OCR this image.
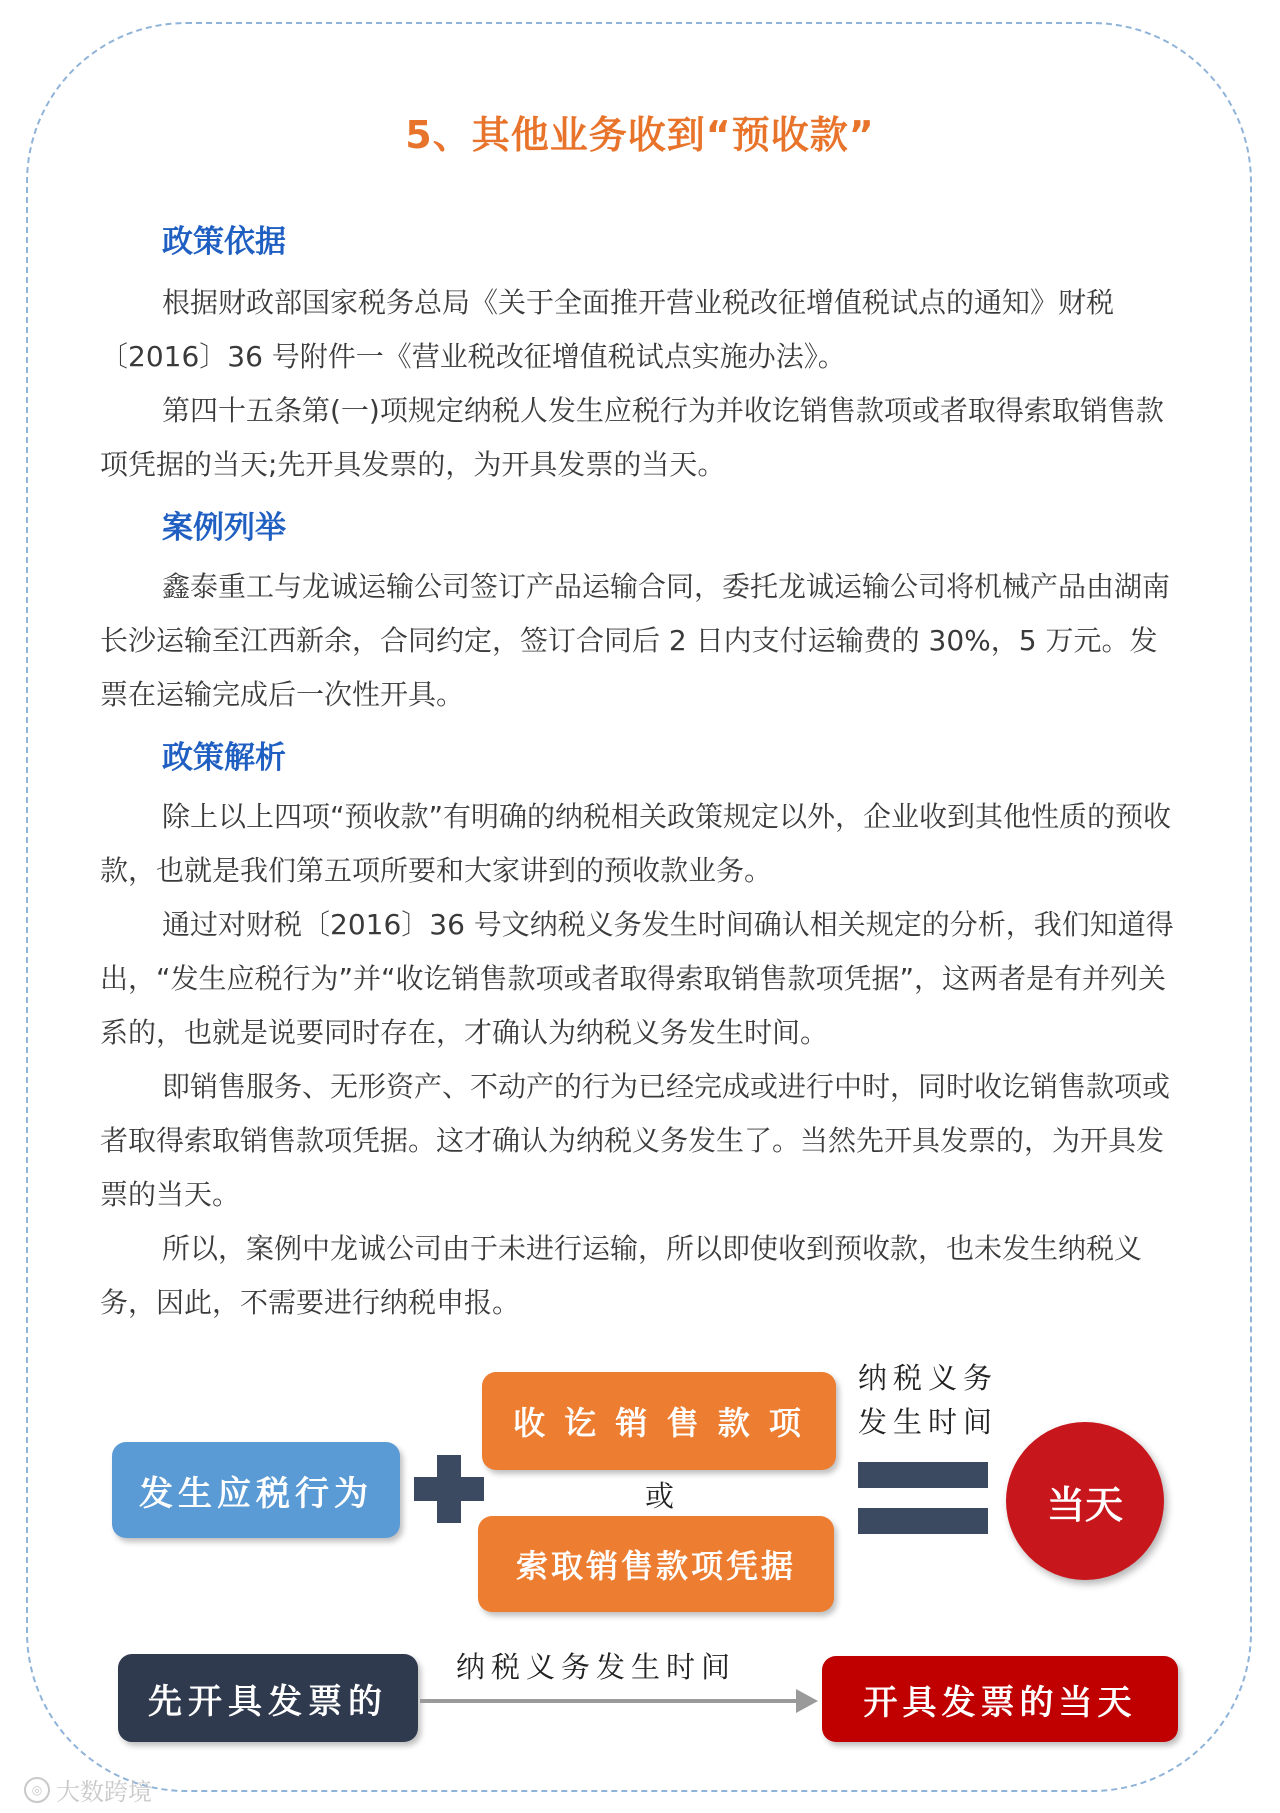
5、其他业务收到“预收款”
政策依据

根据财政部国家税务总局《关于全面推开营业税改征增值税试点的通知》财税〔2016〕36 号附件一《营业税改征增值税试点实施办法》。

第四十五条第(一)项规定纳税人发生应税行为并收讫销售款项或者取得索取销售款项凭据的当天;先开具发票的，为开具发票的当天。

案例列举

鑫泰重工与龙诚运输公司签订产品运输合同，委托龙诚运输公司将机械产品由湖南长沙运输至江西新余，合同约定，签订合同后 2 日内支付运输费的 30%，5 万元。发票在运输完成后一次性开具。

政策解析

除上以上四项“预收款”有明确的纳税相关政策规定以外，企业收到其他性质的预收款，也就是我们第五项所要和大家讲到的预收款业务。

通过对财税〔2016〕36 号文纳税义务发生时间确认相关规定的分析，我们知道得出，“发生应税行为”并“收讫销售款项或者取得索取销售款项凭据”，这两者是有并列关系的，也就是说要同时存在，才确认为纳税义务发生时间。

即销售服务、无形资产、不动产的行为已经完成或进行中时，同时收讫销售款项或者取得索取销售款项凭据。这才确认为纳税义务发生了。当然先开具发票的，为开具发票的当天。

所以，案例中龙诚公司由于未进行运输，所以即使收到预收款，也未发生纳税义务，因此，不需要进行纳税申报。

发生应税行为
收 讫 销 售 款 项
或
索取销售款项凭据
纳税义务
发生时间
当天
先开具发票的
纳税义务发生时间
开具发票的当天
◎ 大数跨境
